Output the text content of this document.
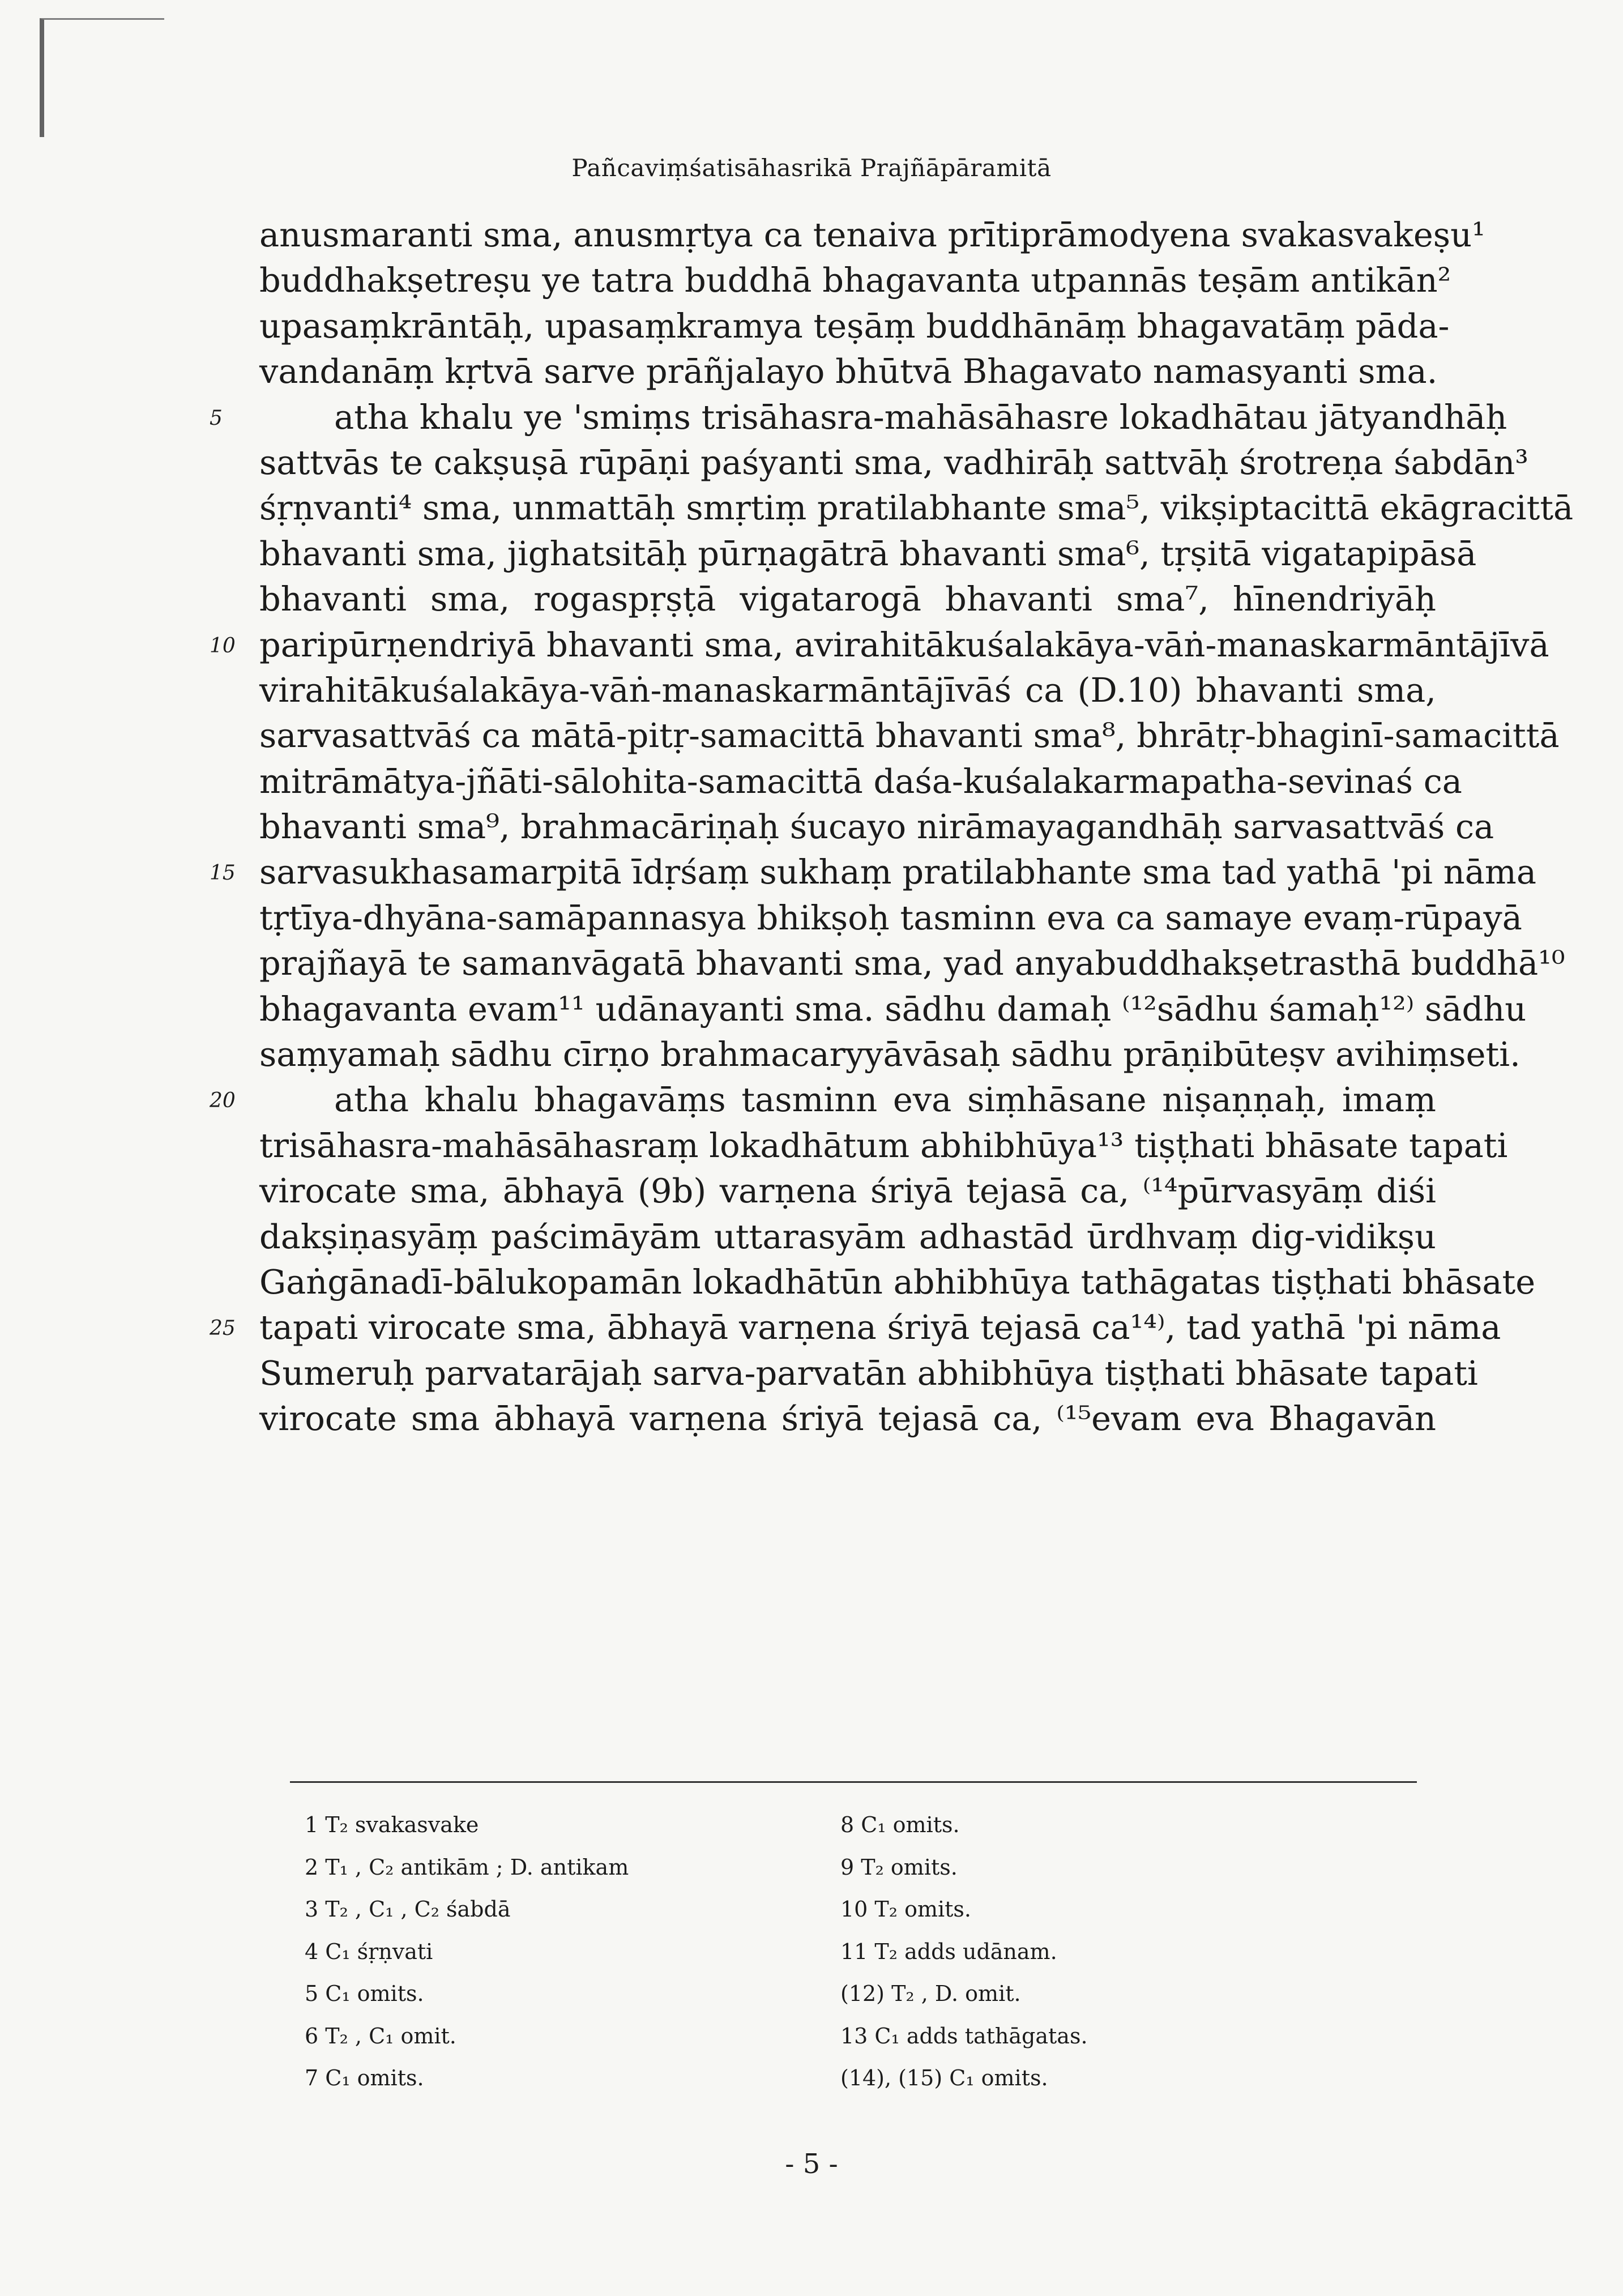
Pañcaviṃśatisāhasrikā Prajñāpāramitā
anusmaranti sma, anusmṛtya ca tenaiva prītiprāmodyena svakasvakeṣu¹
buddhakṣetreṣu ye tatra buddhā bhagavanta utpannās teṣām antikān²
upasaṃkrāntāḥ, upasaṃkramya teṣāṃ buddhānāṃ bhagavatāṃ pāda-
vandanāṃ kṛtvā sarve prāñjalayo bhūtvā Bhagavato namasyanti sma.
5	atha khalu ye 'smiṃs trisāhasra-mahāsāhasre lokadhātau jātyandhāḥ
sattvās te cakṣuṣā rūpāṇi paśyanti sma, vadhirāḥ sattvāḥ śrotreṇa śabdān³
śṛṇvanti⁴ sma, unmattāḥ smṛtiṃ pratilabhante sma⁵, vikṣiptacittā ekāgracittā
bhavanti sma, jighatsitāḥ pūrṇagātrā bhavanti sma⁶, tṛṣitā vigatapipāsā
bhavanti sma, rogaspṛṣṭā vigatarogā bhavanti sma⁷, hīnendriyāḥ
10 paripūrṇendriyā bhavanti sma, avirahitākuśalakāya-vāṅ-manaskarmāntājīvā
virahitākuśalakāya-vāṅ-manaskarmāntājīvāś ca (D.10) bhavanti sma,
sarvasattvāś ca mātā-pitṛ-samacittā bhavanti sma⁸, bhrātṛ-bhaginī-samacittā
mitrāmātya-jñāti-sālohita-samacittā daśa-kuśalakarmapatha-sevinaś ca
bhavanti sma⁹, brahmacāriṇaḥ śucayo nirāmayagandhāḥ sarvasattvāś ca
15 sarvasukhasamarpitā īdṛśaṃ sukhaṃ pratilabhante sma tad yathā 'pi nāma
tṛtīya-dhyāna-samāpannasya bhikṣoḥ tasminn eva ca samaye evaṃ-rūpayā
prajñayā te samanvāgatā bhavanti sma, yad anyabuddhakṣetrasthā buddhā¹⁰
bhagavanta evam¹¹ udānayanti sma. sādhu damaḥ ⁽¹²sādhu śamaḥ¹²⁾ sādhu
saṃyamaḥ sādhu cīrṇo brahmacaryyāvāsaḥ sādhu prāṇibūteṣv avihiṃseti.
20	atha khalu bhagavāṃs tasminn eva siṃhāsane niṣaṇṇaḥ, imaṃ
trisāhasra-mahāsāhasraṃ lokadhātum abhibhūya¹³ tiṣṭhati bhāsate tapati
virocate sma, ābhayā (9b) varṇena śriyā tejasā ca, ⁽¹⁴pūrvasyāṃ diśi
dakṣiṇasyāṃ paścimāyām uttarasyām adhastād ūrdhvaṃ dig-vidikṣu
Gaṅgānadī-bālukopamān lokadhātūn abhibhūya tathāgatas tiṣṭhati bhāsate
25 tapati virocate sma, ābhayā varṇena śriyā tejasā ca¹⁴⁾, tad yathā 'pi nāma
Sumeruḥ parvatarājaḥ sarva-parvatān abhibhūya tiṣṭhati bhāsate tapati
virocate sma ābhayā varṇena śriyā tejasā ca, ⁽¹⁵evam eva Bhagavān
1 T₂ svakasvake
2 T₁ , C₂ antikām ; D. antikam
3 T₂ , C₁ , C₂ śabdā
4 C₁ śṛṇvati
5 C₁ omits.
6 T₂ , C₁ omit.
7 C₁ omits.
8 C₁ omits.
9 T₂ omits.
10 T₂ omits.
11 T₂ adds udānam.
(12) T₂ , D. omit.
13 C₁ adds tathāgatas.
(14), (15) C₁ omits.
- 5 -
